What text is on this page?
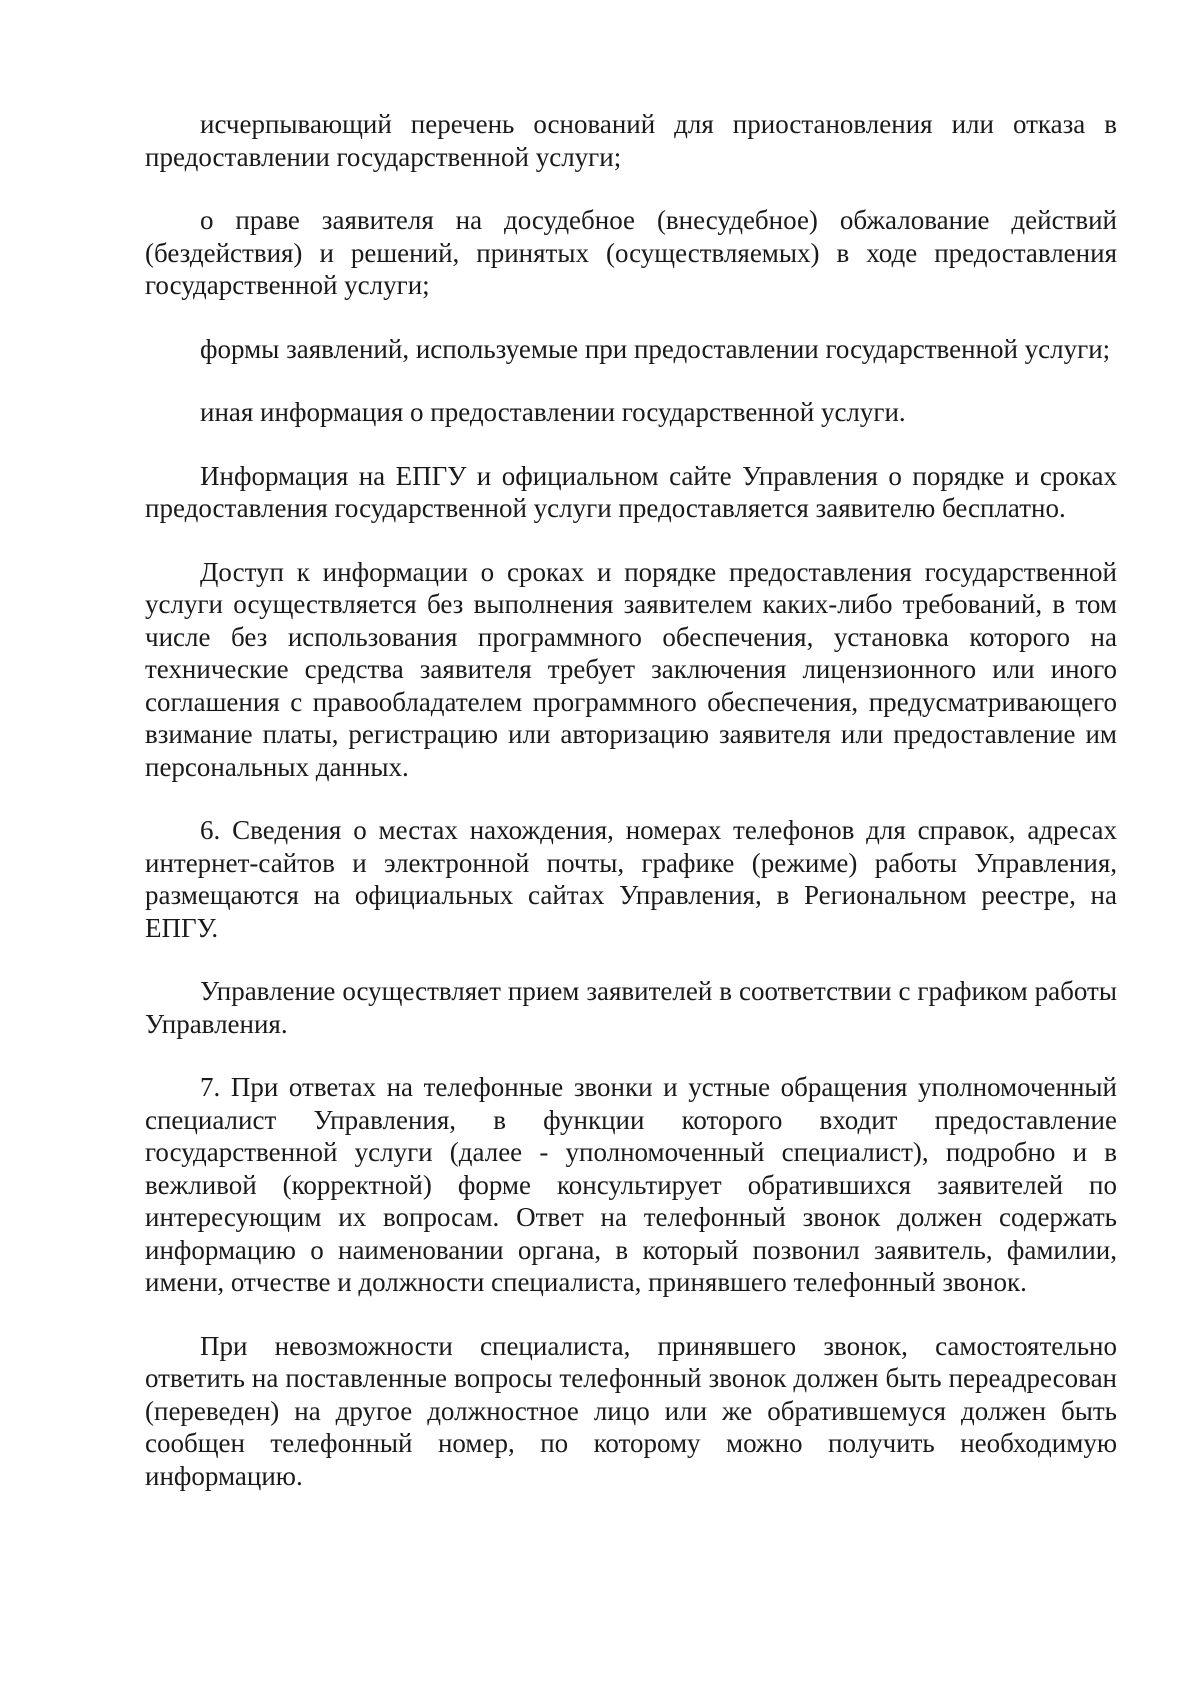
исчерпывающий перечень оснований для приостановления или отказа в предоставлении государственной услуги;

о праве заявителя на досудебное (внесудебное) обжалование действий (бездействия) и решений, принятых (осуществляемых) в ходе предоставления государственной услуги;

формы заявлений, используемые при предоставлении государственной услуги;

иная информация о предоставлении государственной услуги.

Информация на ЕПГУ и официальном сайте Управления о порядке и сроках предоставления государственной услуги предоставляется заявителю бесплатно.

Доступ к информации о сроках и порядке предоставления государственной услуги осуществляется без выполнения заявителем каких-либо требований, в том числе без использования программного обеспечения, установка которого на технические средства заявителя требует заключения лицензионного или иного соглашения с правообладателем программного обеспечения, предусматривающего взимание платы, регистрацию или авторизацию заявителя или предоставление им персональных данных.

6. Сведения о местах нахождения, номерах телефонов для справок, адресах интернет-сайтов и электронной почты, графике (режиме) работы Управления, размещаются на официальных сайтах Управления, в Региональном реестре, на ЕПГУ.

Управление осуществляет прием заявителей в соответствии с графиком работы Управления.

7. При ответах на телефонные звонки и устные обращения уполномоченный специалист Управления, в функции которого входит предоставление государственной услуги (далее - уполномоченный специалист), подробно и в вежливой (корректной) форме консультирует обратившихся заявителей по интересующим их вопросам. Ответ на телефонный звонок должен содержать информацию о наименовании органа, в который позвонил заявитель, фамилии, имени, отчестве и должности специалиста, принявшего телефонный звонок.

При невозможности специалиста, принявшего звонок, самостоятельно ответить на поставленные вопросы телефонный звонок должен быть переадресован (переведен) на другое должностное лицо или же обратившемуся должен быть сообщен телефонный номер, по которому можно получить необходимую информацию.
